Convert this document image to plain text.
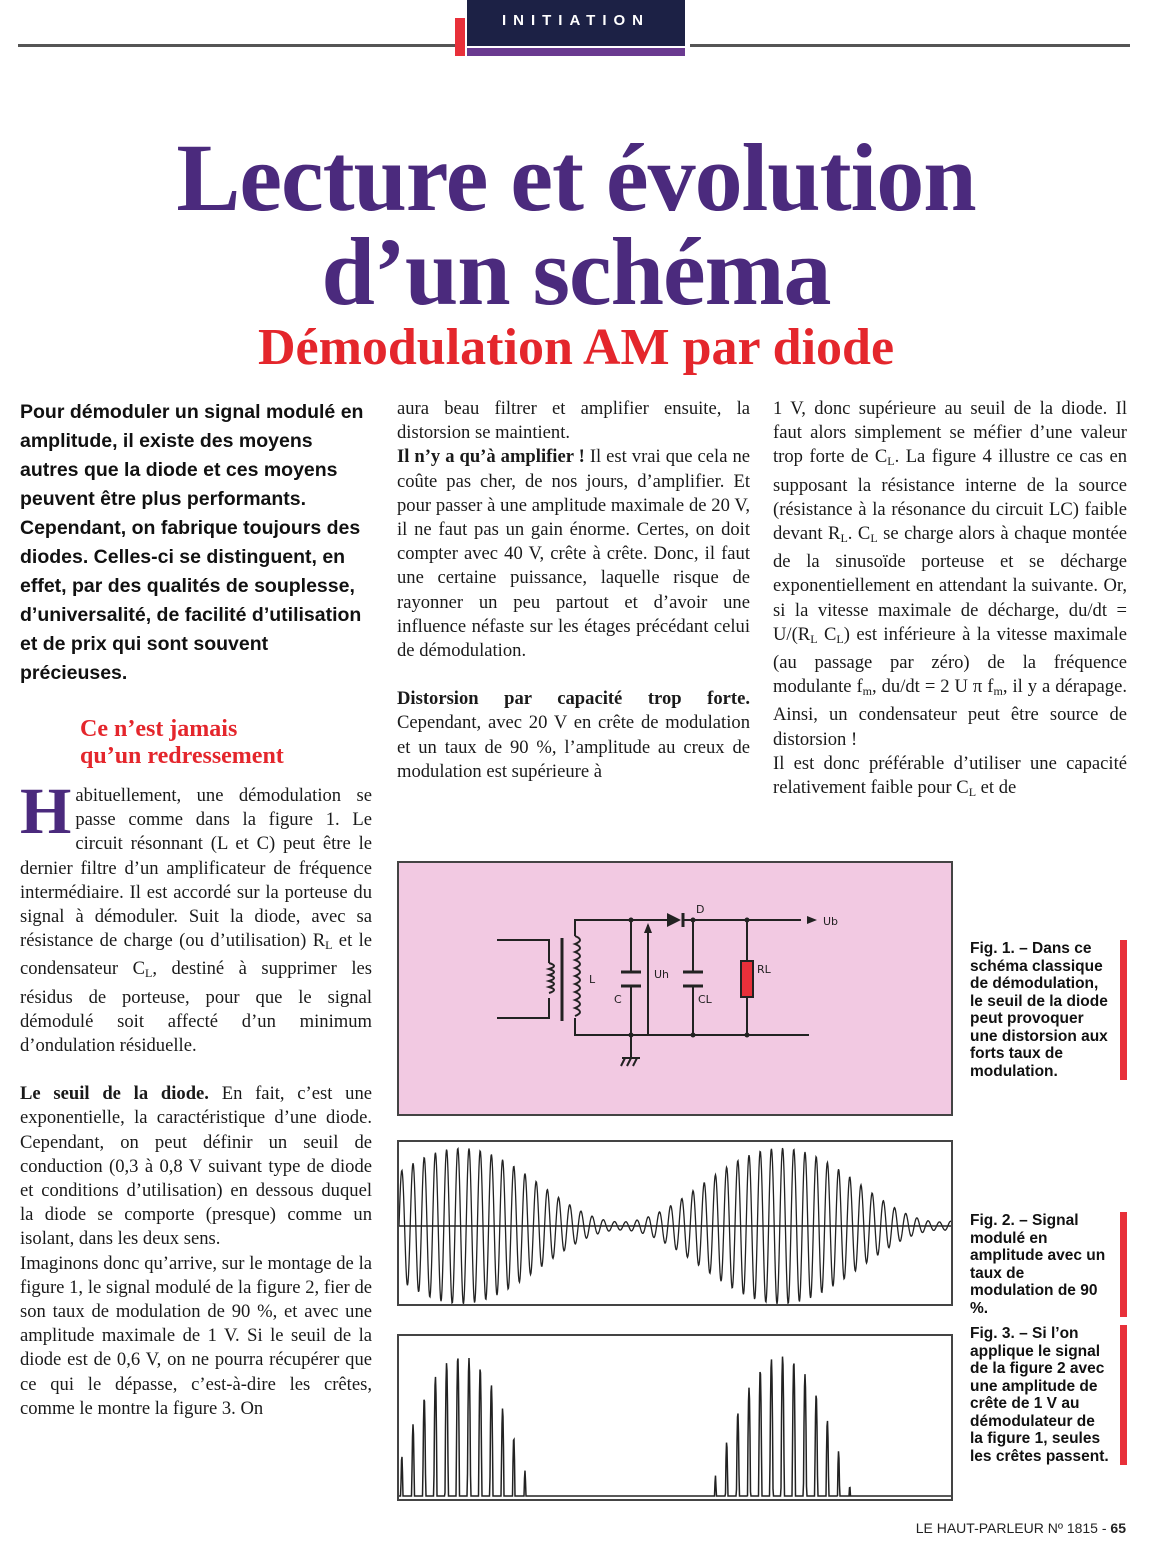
INITIATION
Lecture et évolution
d’un schéma
Démodulation AM par diode
Pour démoduler un signal modulé en amplitude, il existe des moyens autres que la diode et ces moyens peuvent être plus performants. Cependant, on fabrique toujours des diodes. Celles-ci se distinguent, en effet, par des qualités de souplesse, d’universalité, de facilité d’utilisation et de prix qui sont souvent précieuses.
Ce n’est jamais
qu’un redressement

Habituellement, une démodulation se passe comme dans la figure 1. Le circuit résonnant (L et C) peut être le dernier filtre d’un amplificateur de fréquence intermédiaire. Il est accordé sur la porteuse du signal à démoduler. Suit la diode, avec sa résistance de charge (ou d’utilisation) $R_L$ et le condensateur $C_L$, destiné à supprimer les résidus de porteuse, pour que le signal démodulé soit affecté d’un minimum d’ondulation résiduelle.

Le seuil de la diode. En fait, c’est une exponentielle, la caractéristique d’une diode. Cependant, on peut définir un seuil de conduction (0,3 à 0,8 V suivant type de diode et conditions d’utilisation) en dessous duquel la diode se comporte (presque) comme un isolant, dans les deux sens.

Imaginons donc qu’arrive, sur le montage de la figure 1, le signal modulé de la figure 2, fier de son taux de modulation de 90 %, et avec une amplitude maximale de 1 V. Si le seuil de la diode est de 0,6 V, on ne pourra récupérer que ce qui le dépasse, c’est-à-dire les crêtes, comme le montre la figure 3. On

aura beau filtrer et amplifier ensuite, la distorsion se maintient.

Il n’y a qu’à amplifier ! Il est vrai que cela ne coûte pas cher, de nos jours, d’amplifier. Et pour passer à une amplitude maximale de 20 V, il ne faut pas un gain énorme. Certes, on doit compter avec 40 V, crête à crête. Donc, il faut une certaine puissance, laquelle risque de rayonner un peu partout et d’avoir une influence néfaste sur les étages précédant celui de démodulation.

Distorsion par capacité trop forte. Cependant, avec 20 V en crête de modulation et un taux de 90 %, l’amplitude au creux de modulation est supérieure à

1 V, donc supérieure au seuil de la diode. Il faut alors simplement se méfier d’une valeur trop forte de $C_L$. La figure 4 illustre ce cas en supposant la résistance interne de la source (résistance à la résonance du circuit LC) faible devant $R_L$. $C_L$ se charge alors à chaque montée de la sinusoïde porteuse et se décharge exponentiellement en attendant la suivante. Or, si la vitesse maximale de décharge, $du/dt = U/(R_L$ $C_L$) est inférieure à la vitesse maximale (au passage par zéro) de la fréquence modulante $f_m$, du/dt = 2 U π $f_m$, il y a dérapage. Ainsi, un condensateur peut être source de distorsion !

Il est donc préférable d’utiliser une capacité relativement faible pour $C_L$ et de

D
Ub
Uh
L
C	CL
RL
Fig. 1. – Dans ce schéma classique de démodulation, le seuil de la diode peut provoquer une distorsion aux forts taux de modulation.
Fig. 2. – Signal modulé en amplitude avec un taux de modulation de 90 %.
Fig. 3. – Si l’on applique le signal de la figure 2 avec une amplitude de crête de 1 V au démodulateur de la figure 1, seules les crêtes passent.
LE HAUT-PARLEUR Nº 1815 - 65
